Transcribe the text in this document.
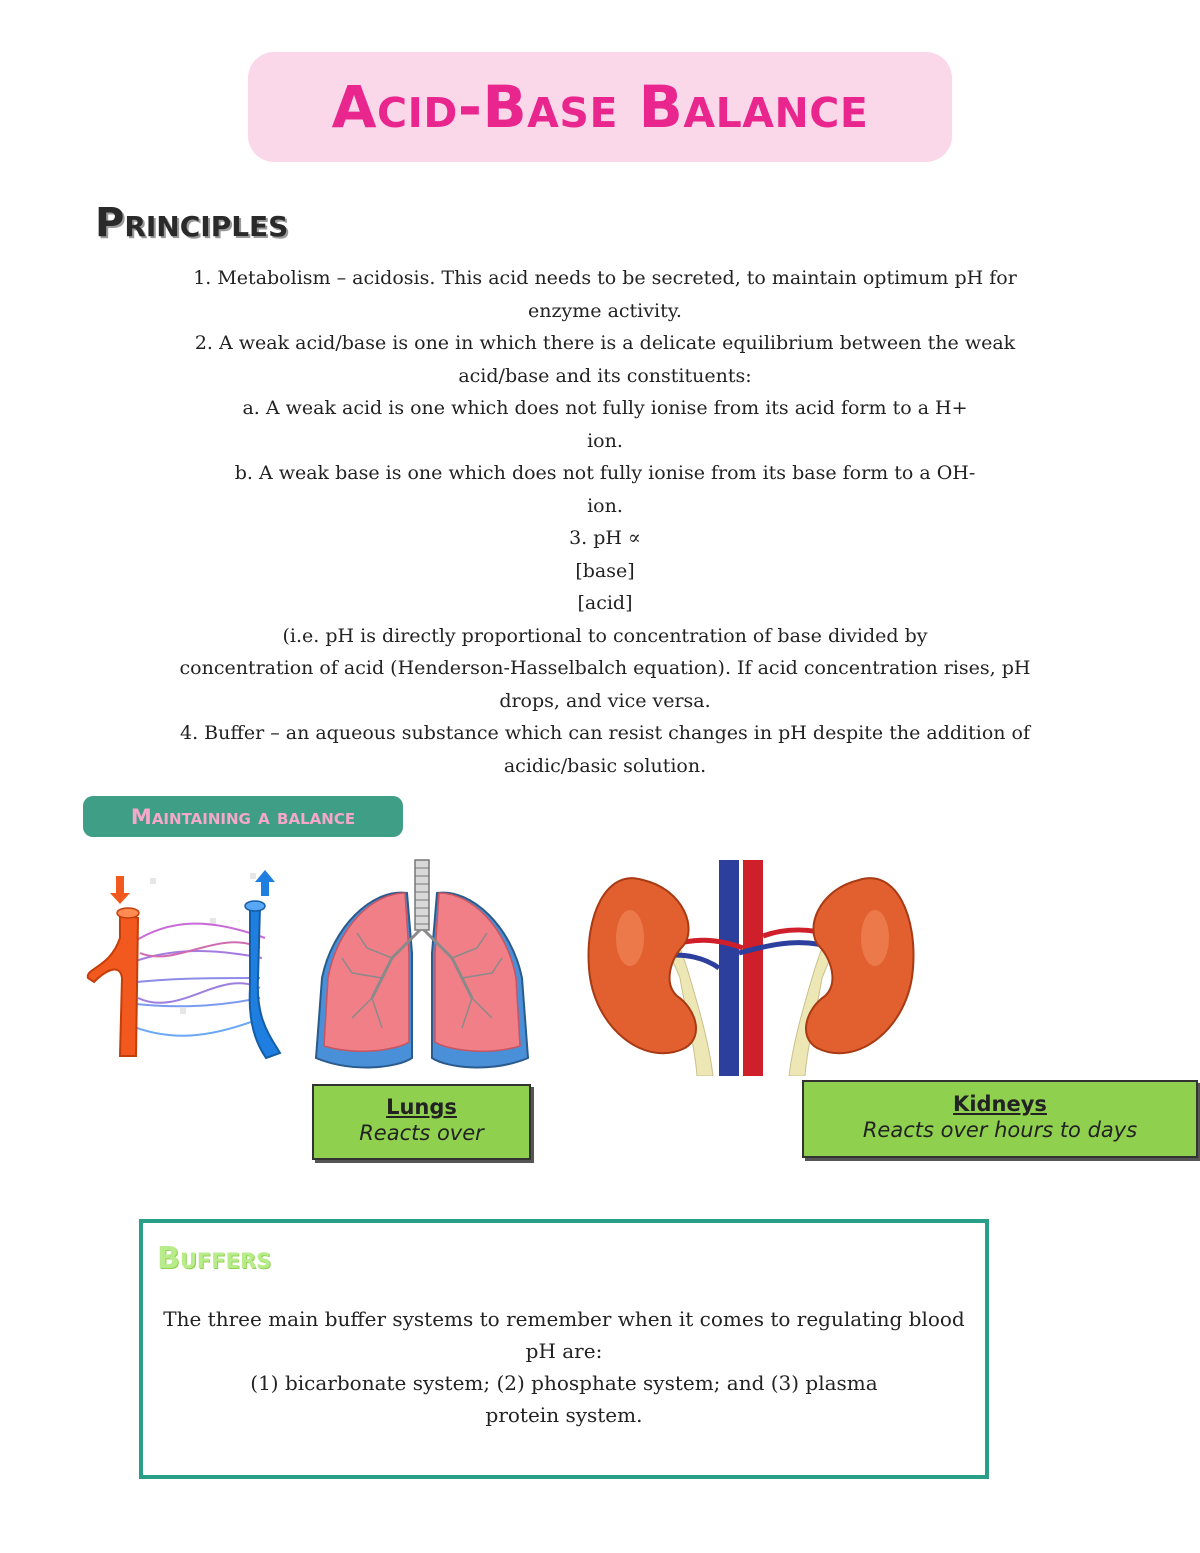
Acid-Base Balance
Principles

1. Metabolism – acidosis. This acid needs to be secreted, to maintain optimum pH for

enzyme activity.

2. A weak acid/base is one in which there is a delicate equilibrium between the weak

acid/base and its constituents:

a. A weak acid is one which does not fully ionise from its acid form to a H+

ion.

b. A weak base is one which does not fully ionise from its base form to a OH-

ion.

3. pH ∝

[base]

[acid]

(i.e. pH is directly proportional to concentration of base divided by

concentration of acid (Henderson-Hasselbalch equation). If acid concentration rises, pH

drops, and vice versa.

4. Buffer – an aqueous substance which can resist changes in pH despite the addition of

acidic/basic solution.

Maintaining a balance
Lungs
Reacts over
Kidneys
Reacts over hours to days
Buffers

The three main buffer systems to remember when it comes to regulating blood

pH are:

(1) bicarbonate system; (2) phosphate system; and (3) plasma

protein system.
